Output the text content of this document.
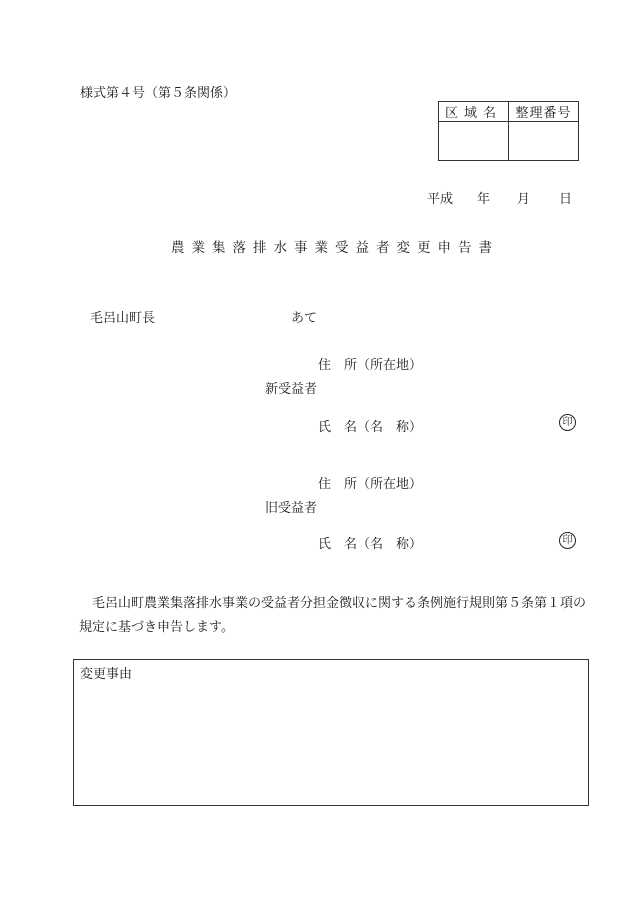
様式第４号（第５条関係）
区域名	整理番号

平成 年 月 日
農業集落排水事業受益者変更申告書
毛呂山町長	あて
住　所（所在地）
新受益者
氏　名（名　称）	印
住　所（所在地）
旧受益者
氏　名（名　称）	印
毛呂山町農業集落排水事業の受益者分担金徴収に関する条例施行規則第５条第１項の規定に基づき申告します。
変更事由
